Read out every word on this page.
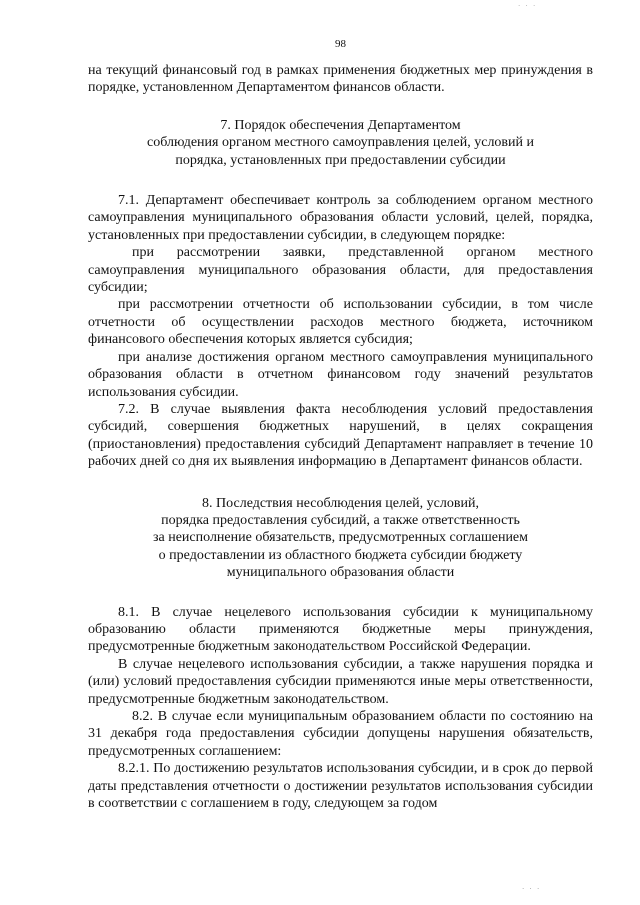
. . .
98

на текущий финансовый год в рамках применения бюджетных мер принуждения в порядке, установленном Департаментом финансов области.

7. Порядок обеспечения Департаментом
соблюдения органом местного самоуправления целей, условий и
порядка, установленных при предоставлении субсидии

7.1. Департамент обеспечивает контроль за соблюдением органом местного самоуправления муниципального образования области условий, целей, порядка, установленных при предоставлении субсидии, в следующем порядке:

при рассмотрении заявки, представленной органом местного самоуправления муниципального образования области, для предоставления субсидии;

при рассмотрении отчетности об использовании субсидии, в том числе отчетности об осуществлении расходов местного бюджета, источником финансового обеспечения которых является субсидия;

при анализе достижения органом местного самоуправления муниципального образования области в отчетном финансовом году значений результатов использования субсидии.

7.2. В случае выявления факта несоблюдения условий предоставления субсидий, совершения бюджетных нарушений, в целях сокращения (приостановления) предоставления субсидий Департамент направляет в течение 10 рабочих дней со дня их выявления информацию в Департамент финансов области.

8. Последствия несоблюдения целей, условий,
порядка предоставления субсидий, а также ответственность
за неисполнение обязательств, предусмотренных соглашением
о предоставлении из областного бюджета субсидии бюджету
муниципального образования области

8.1. В случае нецелевого использования субсидии к муниципальному образованию области применяются бюджетные меры принуждения, предусмотренные бюджетным законодательством Российской Федерации.

В случае нецелевого использования субсидии, а также нарушения порядка и (или) условий предоставления субсидии применяются иные меры ответственности, предусмотренные бюджетным законодательством.

8.2. В случае если муниципальным образованием области по состоянию на 31 декабря года предоставления субсидии допущены нарушения обязательств, предусмотренных соглашением:

8.2.1. По достижению результатов использования субсидии, и в срок до первой даты представления отчетности о достижении результатов использования субсидии в соответствии с соглашением в году, следующем за годом

. . .
